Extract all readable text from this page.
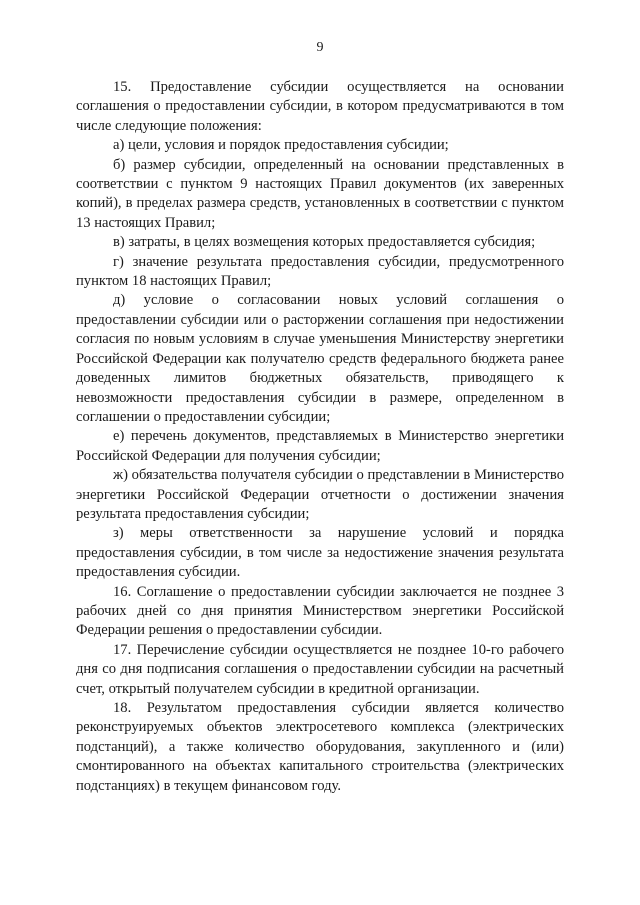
9

15. Предоставление субсидии осуществляется на основании соглашения о предоставлении субсидии, в котором предусматриваются в том числе следующие положения:

а) цели, условия и порядок предоставления субсидии;

б) размер субсидии, определенный на основании представленных в соответствии с пунктом 9 настоящих Правил документов (их заверенных копий), в пределах размера средств, установленных в соответствии с пунктом 13 настоящих Правил;

в) затраты, в целях возмещения которых предоставляется субсидия;

г) значение результата предоставления субсидии, предусмотренного пунктом 18 настоящих Правил;

д) условие о согласовании новых условий соглашения о предоставлении субсидии или о расторжении соглашения при недостижении согласия по новым условиям в случае уменьшения Министерству энергетики Российской Федерации как получателю средств федерального бюджета ранее доведенных лимитов бюджетных обязательств, приводящего к невозможности предоставления субсидии в размере, определенном в соглашении о предоставлении субсидии;

е) перечень документов, представляемых в Министерство энергетики Российской Федерации для получения субсидии;

ж) обязательства получателя субсидии о представлении в Министерство энергетики Российской Федерации отчетности о достижении значения результата предоставления субсидии;

з) меры ответственности за нарушение условий и порядка предоставления субсидии, в том числе за недостижение значения результата предоставления субсидии.

16. Соглашение о предоставлении субсидии заключается не позднее 3 рабочих дней со дня принятия Министерством энергетики Российской Федерации решения о предоставлении субсидии.

17. Перечисление субсидии осуществляется не позднее 10-го рабочего дня со дня подписания соглашения о предоставлении субсидии на расчетный счет, открытый получателем субсидии в кредитной организации.

18. Результатом предоставления субсидии является количество реконструируемых объектов электросетевого комплекса (электрических подстанций), а также количество оборудования, закупленного и (или) смонтированного на объектах капитального строительства (электрических подстанциях) в текущем финансовом году.
